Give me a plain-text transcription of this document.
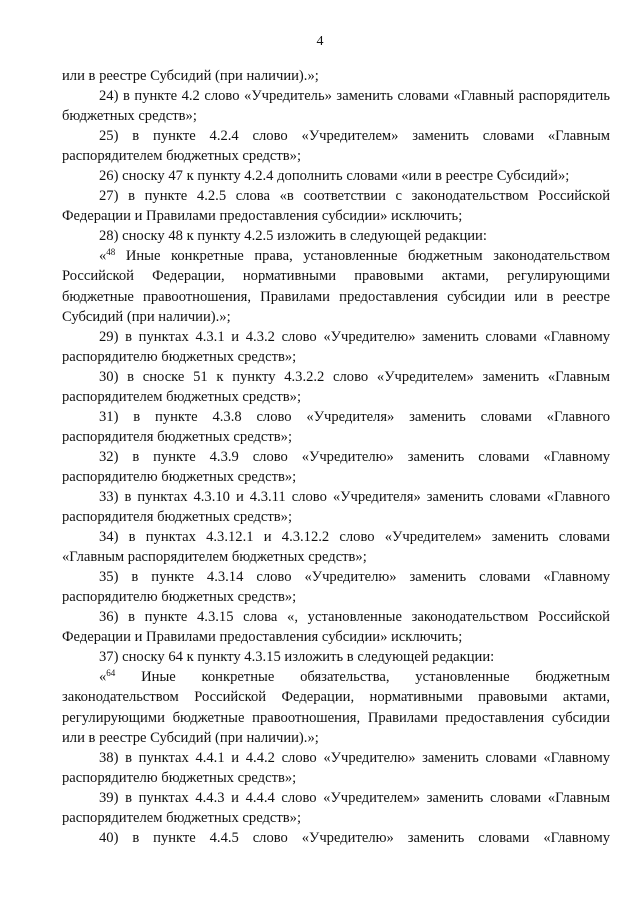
4

или в реестре Субсидий (при наличии).»;

24) в пункте 4.2 слово «Учредитель» заменить словами «Главный распорядитель бюджетных средств»;

25) в пункте 4.2.4 слово «Учредителем» заменить словами «Главным распорядителем бюджетных средств»;

26) сноску 47 к пункту 4.2.4 дополнить словами «или в реестре Субсидий»;

27) в пункте 4.2.5 слова «в соответствии с законодательством Российской Федерации и Правилами предоставления субсидии» исключить;

28) сноску 48 к пункту 4.2.5 изложить в следующей редакции:

«$^{48}$ Иные конкретные права, установленные бюджетным законодательством Российской Федерации, нормативными правовыми актами, регулирующими бюджетные правоотношения, Правилами предоставления субсидии или в реестре Субсидий (при наличии).»;

29) в пунктах 4.3.1 и 4.3.2 слово «Учредителю» заменить словами «Главному распорядителю бюджетных средств»;

30) в сноске 51 к пункту 4.3.2.2 слово «Учредителем» заменить «Главным распорядителем бюджетных средств»;

31) в пункте 4.3.8 слово «Учредителя» заменить словами «Главного распорядителя бюджетных средств»;

32) в пункте 4.3.9 слово «Учредителю» заменить словами «Главному распорядителю бюджетных средств»;

33) в пунктах 4.3.10 и 4.3.11 слово «Учредителя» заменить словами «Главного распорядителя бюджетных средств»;

34) в пунктах 4.3.12.1 и 4.3.12.2 слово «Учредителем» заменить словами «Главным распорядителем бюджетных средств»;

35) в пункте 4.3.14 слово «Учредителю» заменить словами «Главному распорядителю бюджетных средств»;

36) в пункте 4.3.15 слова «, установленные законодательством Российской Федерации и Правилами предоставления субсидии» исключить;

37) сноску 64 к пункту 4.3.15 изложить в следующей редакции:

«$^{64}$ Иные конкретные обязательства, установленные бюджетным законодательством Российской Федерации, нормативными правовыми актами, регулирующими бюджетные правоотношения, Правилами предоставления субсидии или в реестре Субсидий (при наличии).»;

38) в пунктах 4.4.1 и 4.4.2 слово «Учредителю» заменить словами «Главному распорядителю бюджетных средств»;

39) в пунктах 4.4.3 и 4.4.4 слово «Учредителем» заменить словами «Главным распорядителем бюджетных средств»;

40) в пункте 4.4.5 слово «Учредителю» заменить словами «Главному
